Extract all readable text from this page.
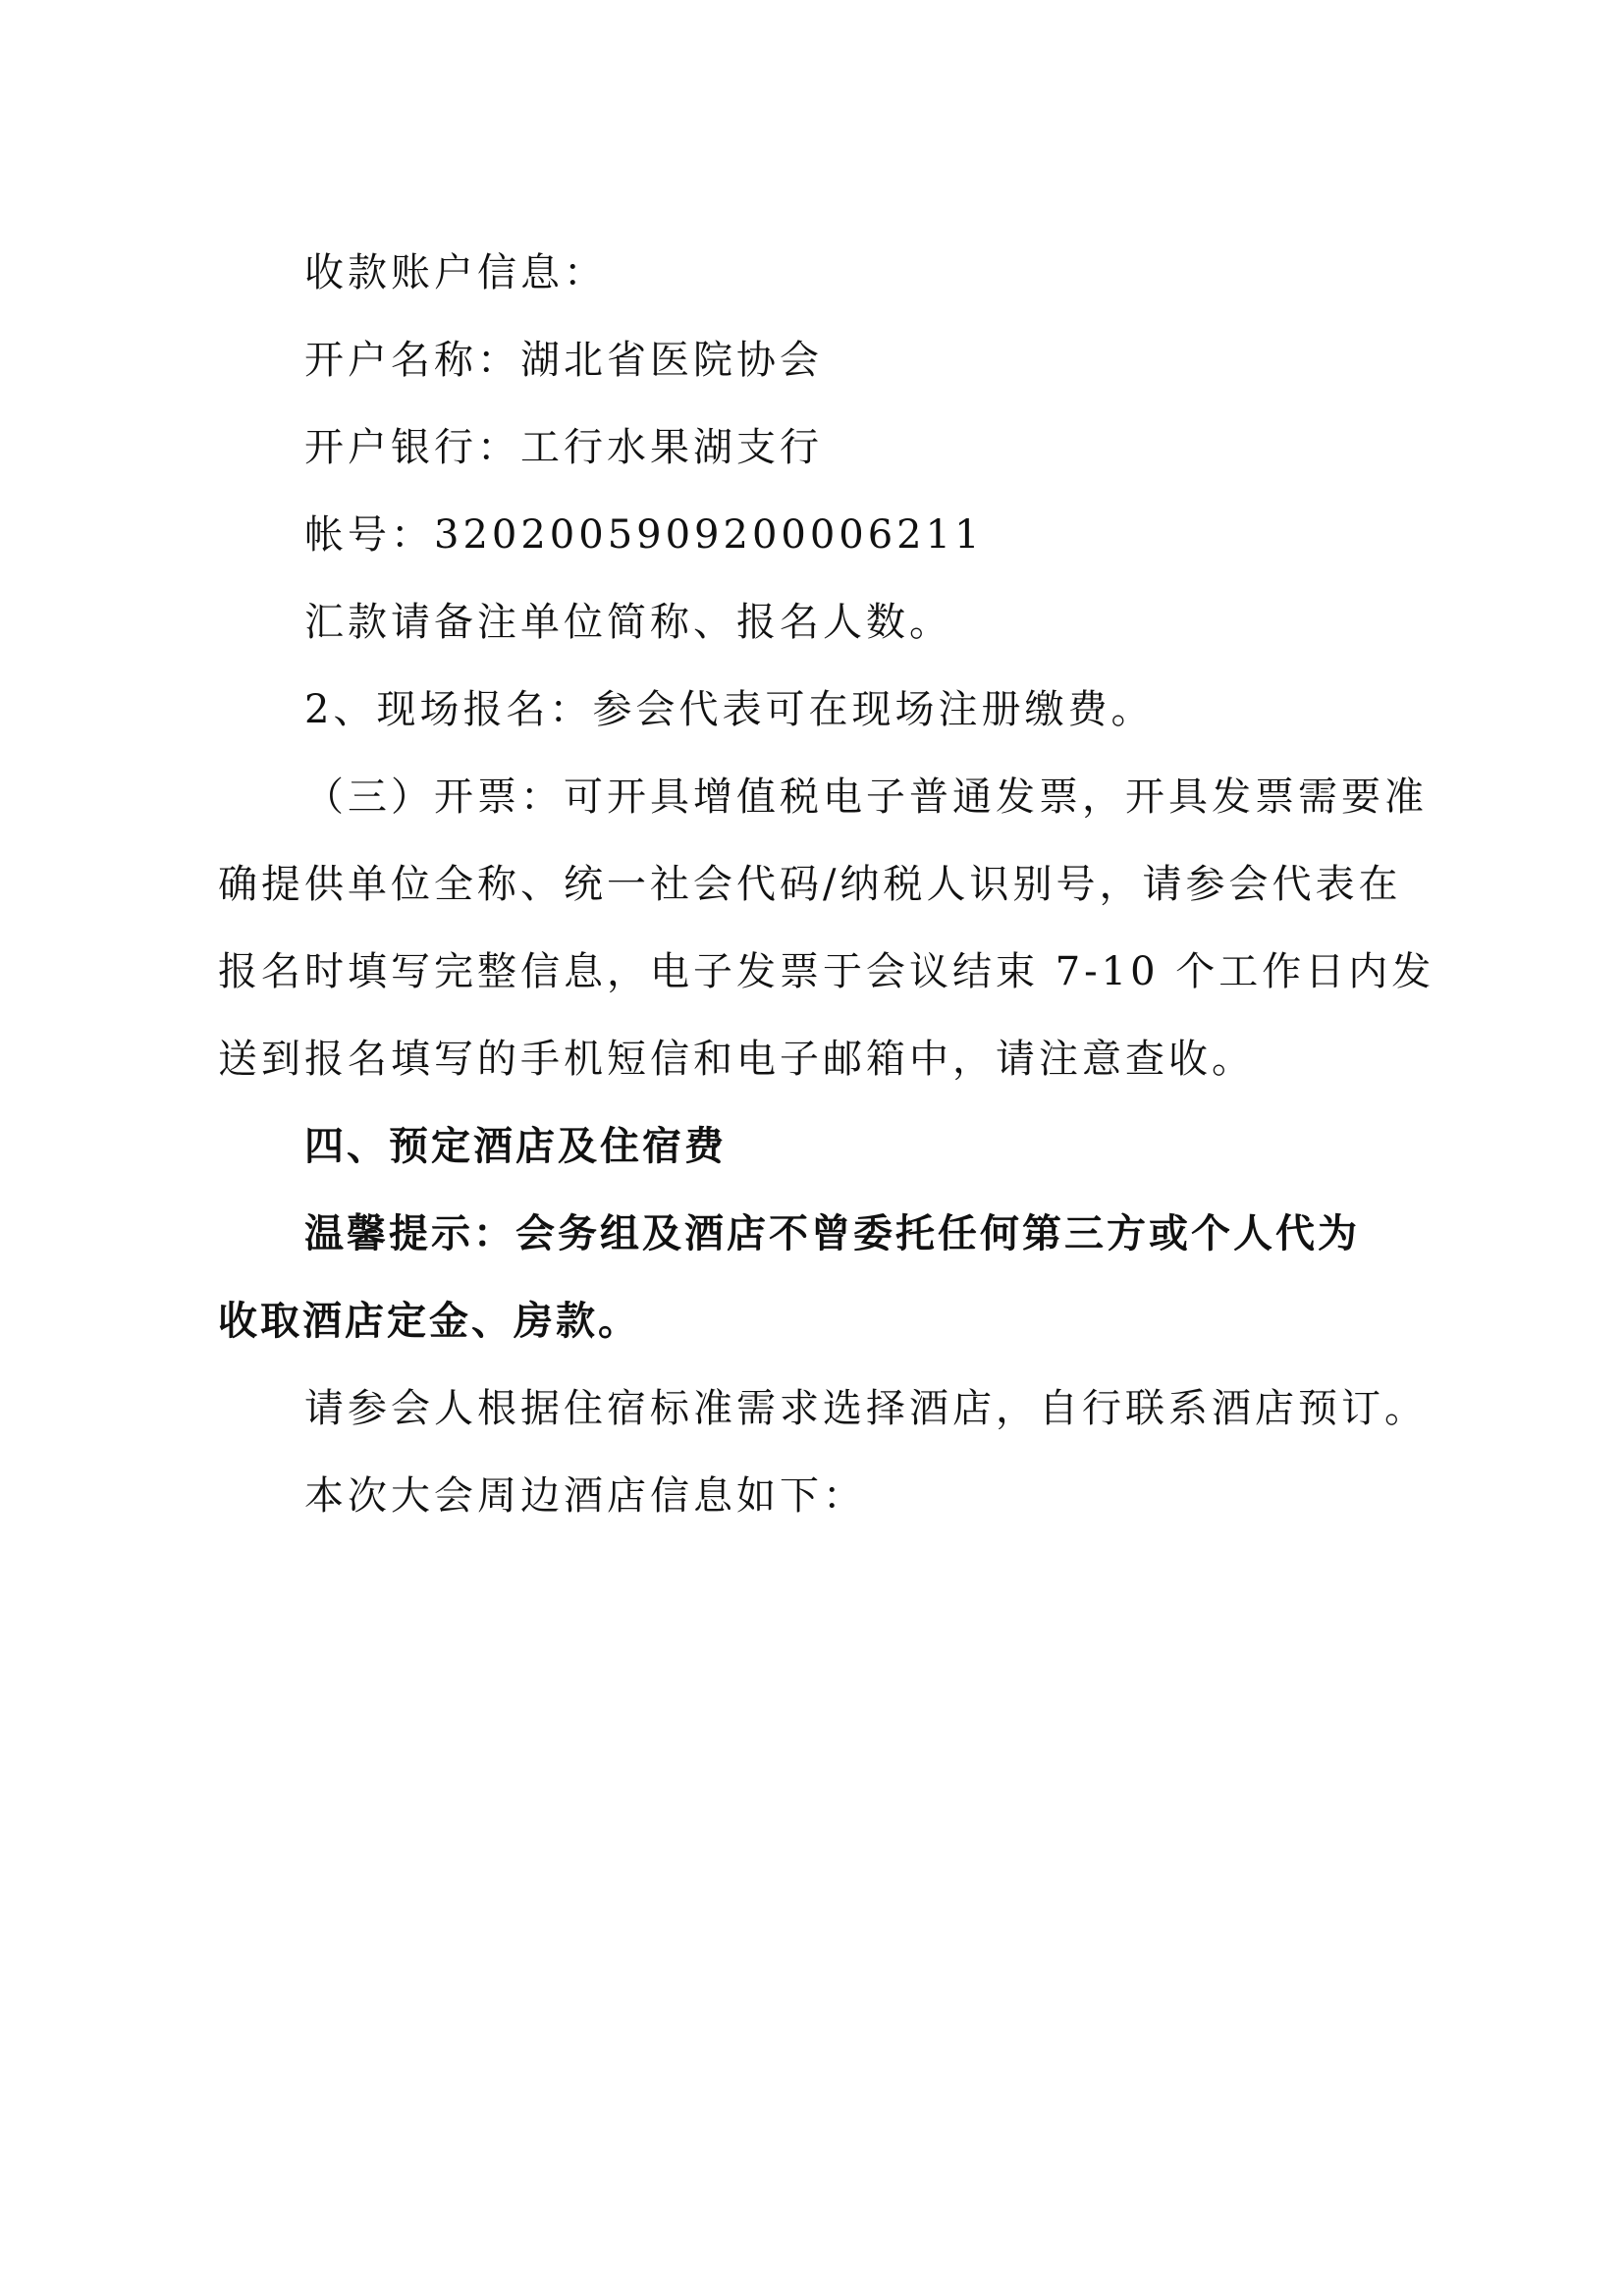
收款账户信息：
开户名称：湖北省医院协会
开户银行：工行水果湖支行
帐号：3202005909200006211
汇款请备注单位简称、报名人数。
2、现场报名：参会代表可在现场注册缴费。
（三）开票：可开具增值税电子普通发票，开具发票需要准
确提供单位全称、统一社会代码/纳税人识别号，请参会代表在
报名时填写完整信息，电子发票于会议结束 7-10 个工作日内发
送到报名填写的手机短信和电子邮箱中，请注意查收。
四、预定酒店及住宿费
温馨提示：会务组及酒店不曾委托任何第三方或个人代为
收取酒店定金、房款。
请参会人根据住宿标准需求选择酒店，自行联系酒店预订。
本次大会周边酒店信息如下：
